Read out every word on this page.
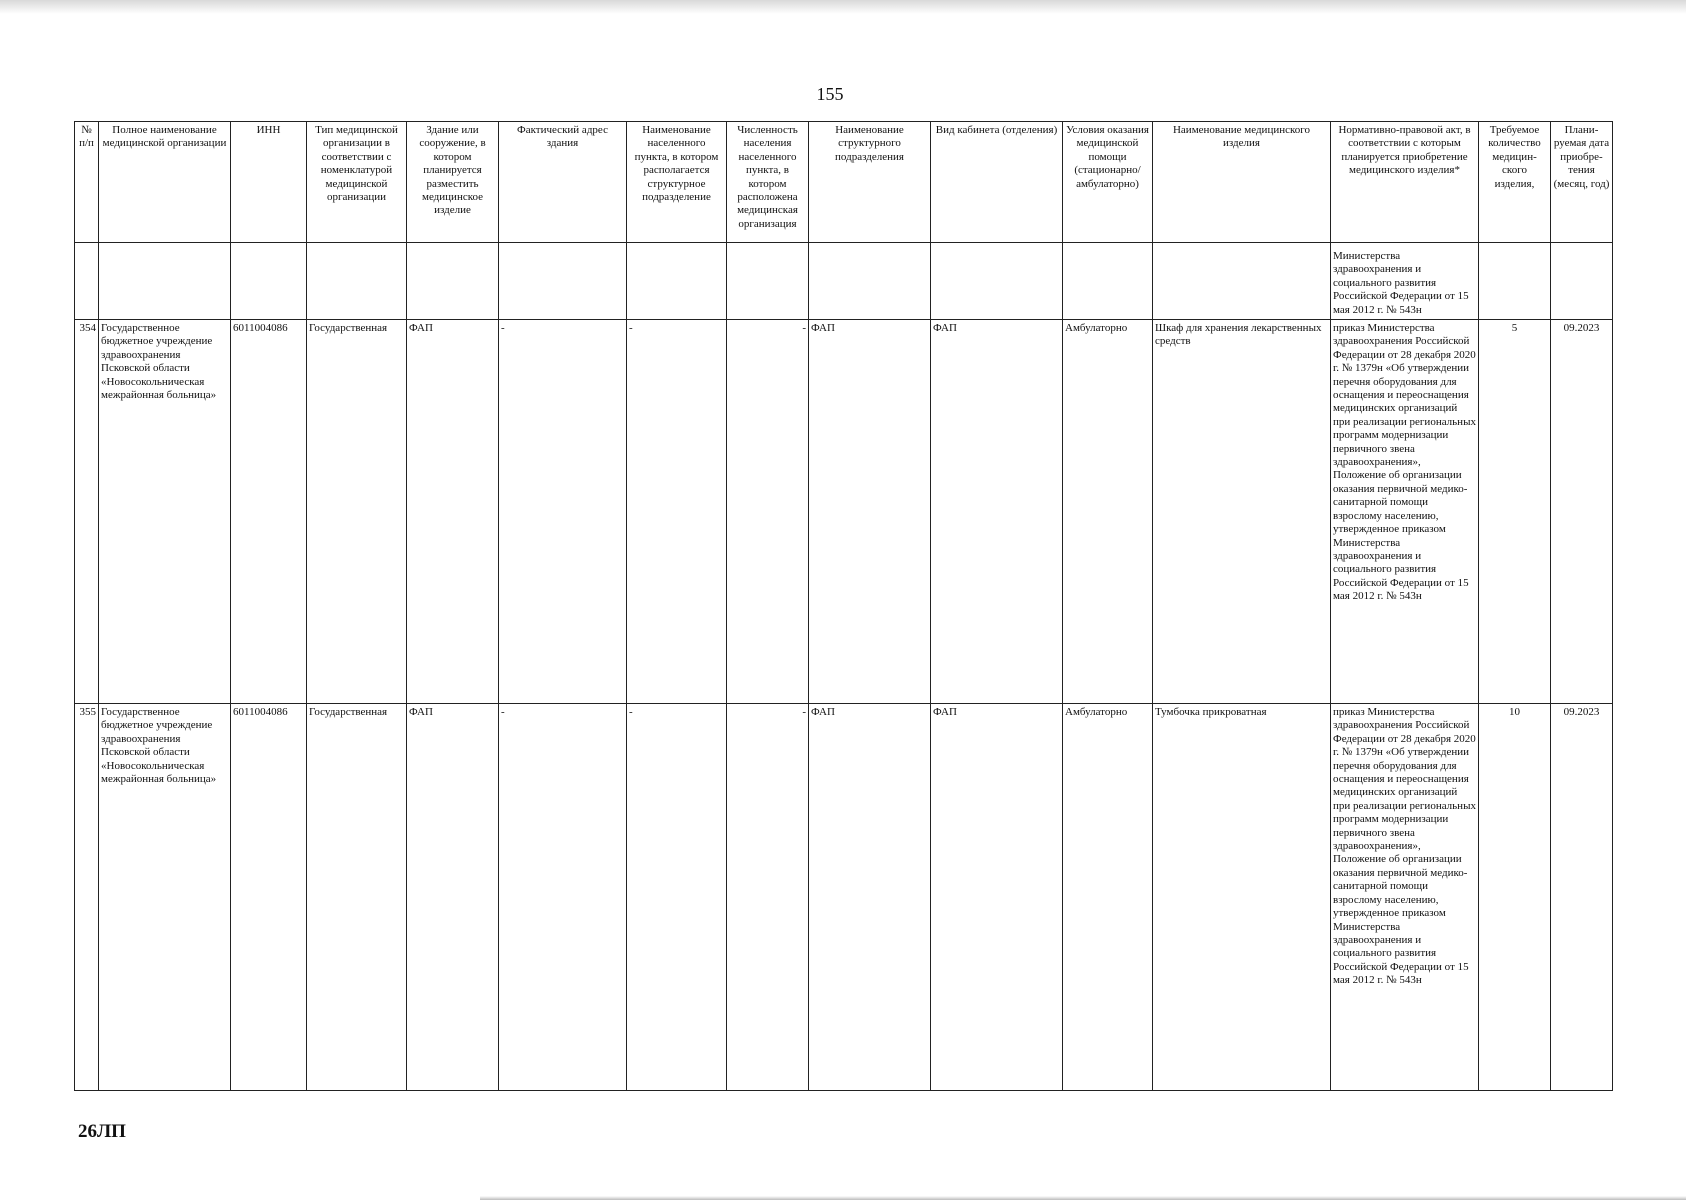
155
№ п/п	Полное наименование медицинской организации	ИНН	Тип медицинской организации в соответствии с номенклатурой медицинской организации	Здание или сооружение, в котором планируется разместить медицинское изделие	Фактический адрес здания	Наименование населенного пункта, в котором располагается структурное подразделение	Численность населения населенного пункта, в котором расположена медицинская организация	Наименование структурного подразделения	Вид кабинета (отделения)	Условия оказания медицинской помощи (стационарно/ амбулаторно)	Наименование медицинского изделия	Нормативно-правовой акт, в соответствии с которым планируется приобретение медицинского изделия*	Требуемое количество медицин-ского изделия,	Плани-руемая дата приобре-тения (месяц, год)
												Министерства здравоохранения и социального развития Российской Федерации от 15 мая 2012 г. № 543н		
354	Государственное бюджетное учреждение здравоохранения Псковской области «Новосокольническая межрайонная больница»	6011004086	Государственная	ФАП	-	-	-	ФАП	ФАП	Амбулаторно	Шкаф для хранения лекарственных средств	приказ Министерства здравоохранения Российской Федерации от 28 декабря 2020 г. № 1379н «Об утверждении перечня оборудования для оснащения и переоснащения медицинских организаций при реализации региональных программ модернизации первичного звена здравоохранения», Положение об организации оказания первичной медико-санитарной помощи взрослому населению, утвержденное приказом Министерства здравоохранения и социального развития Российской Федерации от 15 мая 2012 г. № 543н	5	09.2023
355	Государственное бюджетное учреждение здравоохранения Псковской области «Новосокольническая межрайонная больница»	6011004086	Государственная	ФАП	-	-	-	ФАП	ФАП	Амбулаторно	Тумбочка прикроватная	приказ Министерства здравоохранения Российской Федерации от 28 декабря 2020 г. № 1379н «Об утверждении перечня оборудования для оснащения и переоснащения медицинских организаций при реализации региональных программ модернизации первичного звена здравоохранения», Положение об организации оказания первичной медико-санитарной помощи взрослому населению, утвержденное приказом Министерства здравоохранения и социального развития Российской Федерации от 15 мая 2012 г. № 543н	10	09.2023
26ЛП
